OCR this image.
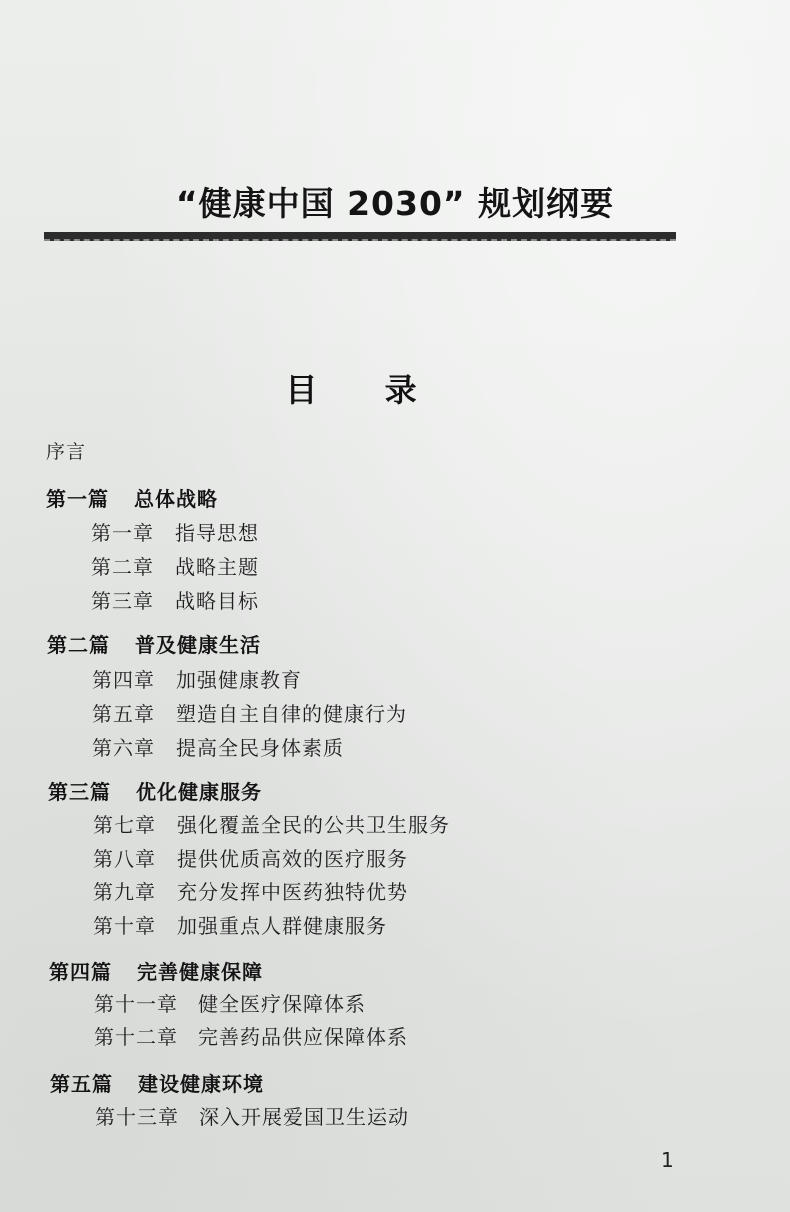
“健康中国 2030” 规划纲要
目 录
序言
第一篇 总体战略
第一章 指导思想
第二章 战略主题
第三章 战略目标
第二篇 普及健康生活
第四章 加强健康教育
第五章 塑造自主自律的健康行为
第六章 提高全民身体素质
第三篇 优化健康服务
第七章 强化覆盖全民的公共卫生服务
第八章 提供优质高效的医疗服务
第九章 充分发挥中医药独特优势
第十章 加强重点人群健康服务
第四篇 完善健康保障
第十一章 健全医疗保障体系
第十二章 完善药品供应保障体系
第五篇 建设健康环境
第十三章 深入开展爱国卫生运动
1
